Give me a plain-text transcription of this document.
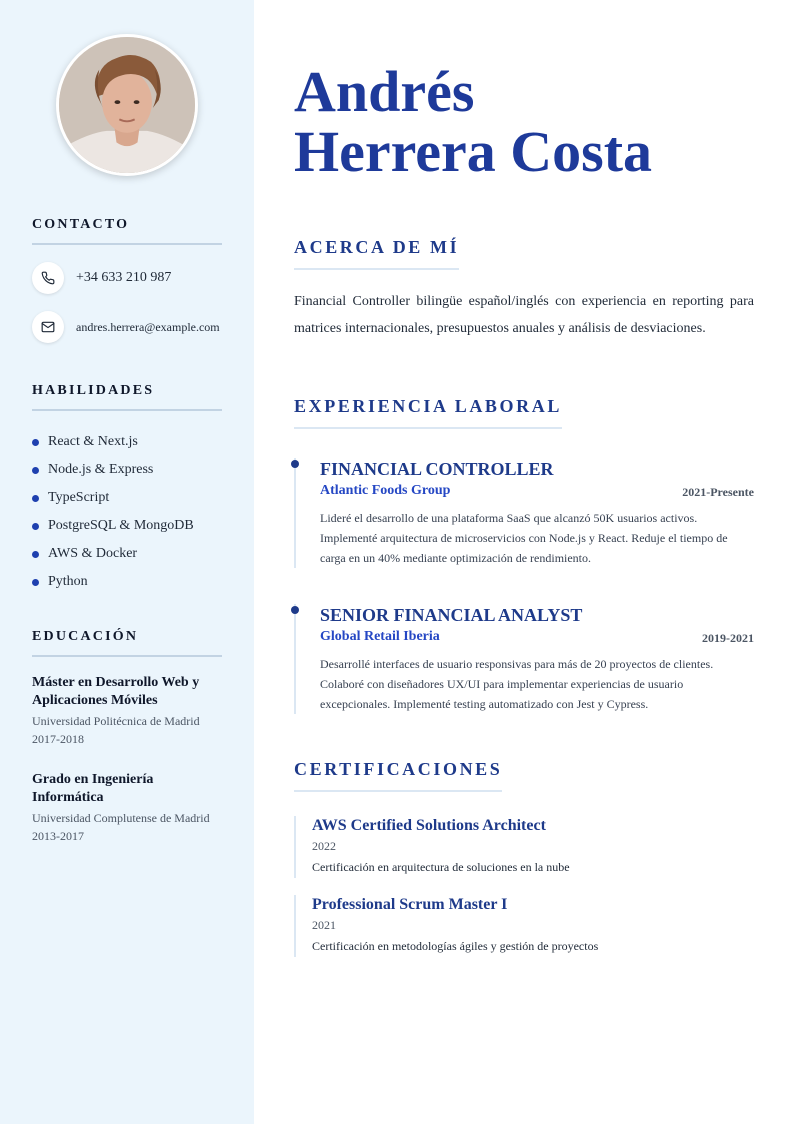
CONTACTO
+34 633 210 987
andres.herrera@example.com
HABILIDADES
React & Next.js
Node.js & Express
TypeScript
PostgreSQL & MongoDB
AWS & Docker
Python
EDUCACIÓN
Máster en Desarrollo Web y Aplicaciones Móviles
Universidad Politécnica de Madrid
2017-2018
Grado en Ingeniería Informática
Universidad Complutense de Madrid
2013-2017
Andrés
Herrera Costa
ACERCA DE MÍ

Financial Controller bilingüe español/inglés con experiencia en reporting para matrices internacionales, presupuestos anuales y análisis de desviaciones.

EXPERIENCIA LABORAL
FINANCIAL CONTROLLER
Atlantic Foods Group	2021-Presente
Lideré el desarrollo de una plataforma SaaS que alcanzó 50K usuarios activos. Implementé arquitectura de microservicios con Node.js y React. Reduje el tiempo de carga en un 40% mediante optimización de rendimiento.
SENIOR FINANCIAL ANALYST
Global Retail Iberia	2019-2021
Desarrollé interfaces de usuario responsivas para más de 20 proyectos de clientes. Colaboré con diseñadores UX/UI para implementar experiencias de usuario excepcionales. Implementé testing automatizado con Jest y Cypress.
CERTIFICACIONES
AWS Certified Solutions Architect
2022
Certificación en arquitectura de soluciones en la nube
Professional Scrum Master I
2021
Certificación en metodologías ágiles y gestión de proyectos
